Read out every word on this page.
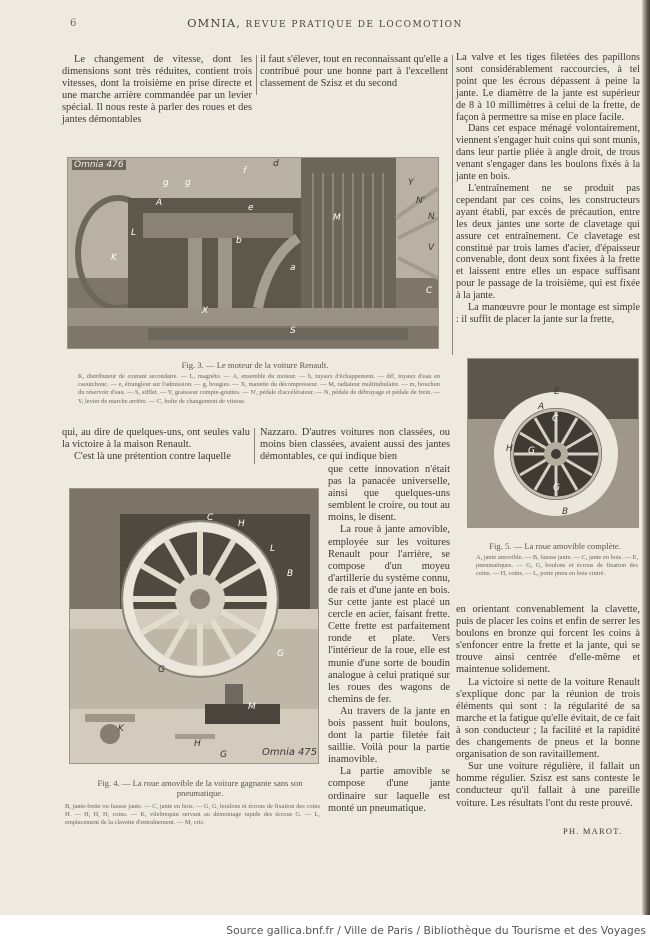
6	OMNIA, REVUE PRATIQUE DE LOCOMOTION

Le changement de vitesse, dont les dimensions sont très réduites, contient trois vitesses, dont la troisième en prise directe et une marche arrière commandée par un levier spécial. Il nous reste à parler des roues et des jantes démontables

il faut s'élever, tout en reconnaissant qu'elle a contribué pour une bonne part à l'excellent classement de Szisz et du second

La valve et les tiges filetées des papillons sont considérablement raccourcies, à tel point que les écrous dépassent à peine la jante. Le diamètre de la jante est supérieur de 8 à 10 millimètres à celui de la frette, de façon à permettre sa mise en place facile.

Dans cet espace ménagé volontairement, viennent s'engager huit coins qui sont munis, dans leur partie pliée à angle droit, de trous venant s'engager dans les boulons fixés à la jante en bois.

L'entraînement ne se produit pas cependant par ces coins, les constructeurs ayant établi, par excès de précaution, entre les deux jantes une sorte de clavetage qui assure cet entraînement. Ce clavetage est constitué par trois lames d'acier, d'épaisseur convenable, dont deux sont fixées à la frette et laissent entre elles un espace suffisant pour le passage de la troisième, qui est fixée à la jante.

La manœuvre pour le montage est simple : il suffit de placer la jante sur la frette,

Omnia 476
A
g g
f
d
Y
N'
N
M
V
L
K
b
e
a
X
S
C
Fig. 3. — Le moteur de la voiture Renault.
K, distributeur de courant secondaire. — L, magnéto. — A, ensemble du moteur. — b, tuyaux d'échappement. — dd', tuyaux d'eau en caoutchouc. — e, étrangleur sur l'admission. — g, bougies. — X, manette du décompresseur. — M, radiateur multitubulaire. — m, bouchon du réservoir d'eau. — S, sifflet. — Y, graisseur compte-gouttes. — N', pédale d'accélérateur. — N, pédale de débrayage et pédale de frein. — V, levier de marche arrière. — C, boîte de changement de vitesse.

qui, au dire de quelques-uns, ont seules valu la victoire à la maison Renault.

C'est là une prétention contre laquelle

Nazzaro. D'autres voitures non classées, ou moins bien classées, avaient aussi des jantes démontables, ce qui indique bien

que cette innovation n'était pas la panacée universelle, ainsi que quelques-uns semblent le croire, ou tout au moins, le disent.

La roue à jante amovible, employée sur les voitures Renault pour l'arrière, se compose d'un moyeu d'artillerie du système connu, de rais et d'une jante en bois. Sur cette jante est placé un cercle en acier, faisant frette. Cette frette est parfaitement ronde et plate. Vers l'intérieur de la roue, elle est munie d'une sorte de boudin analogue à celui pratiqué sur les roues des wagons de chemins de fer.

Au travers de la jante en bois passent huit boulons, dont la partie filetée fait saillie. Voilà pour la partie inamovible.

La partie amovible se compose d'une jante ordinaire sur laquelle est monté un pneumatique.

C
H
H	L
B
G
G
M
K
H
G	Omnia 475
Fig. 4. — La roue amovible de la voiture gagnante sans son pneumatique.
B, jante-frette ou fausse jante. — C, jante en bois. — G, G, boulons et écrous de fixation des coins H. — H, H, H, coins. — K, vilebrequin servant au démontage rapide des écrous G. — L, emplacement de la clavette d'entraînement. — M, cric.
E
A
C
H G
G
B
Fig. 5. — La roue amovible complète.
A, jante amovible. — B, fausse jante. — C, jante en bois. — E, pneumatiques. — G, G, boulons et écrous de fixation des coins. — H, coins. — L, porte pneu en bois cintré.

en orientant convenablement la clavette, puis de placer les coins et enfin de serrer les boulons en bronze qui forcent les coins à s'enfoncer entre la frette et la jante, qui se trouve ainsi centrée d'elle-même et maintenue solidement.

La victoire si nette de la voiture Renault s'explique donc par la réunion de trois éléments qui sont : la régularité de sa marche et la fatigue qu'elle évitait, de ce fait à son conducteur ; la facilité et la rapidité des changements de pneus et la bonne organisation de son ravitaillement.

Sur une voiture régulière, il fallait un homme régulier. Szisz est sans conteste le conducteur qu'il fallait à une pareille voiture. Les résultats l'ont du reste prouvé.

PH. MAROT.
Source gallica.bnf.fr / Ville de Paris / Bibliothèque du Tourisme et des Voyages
